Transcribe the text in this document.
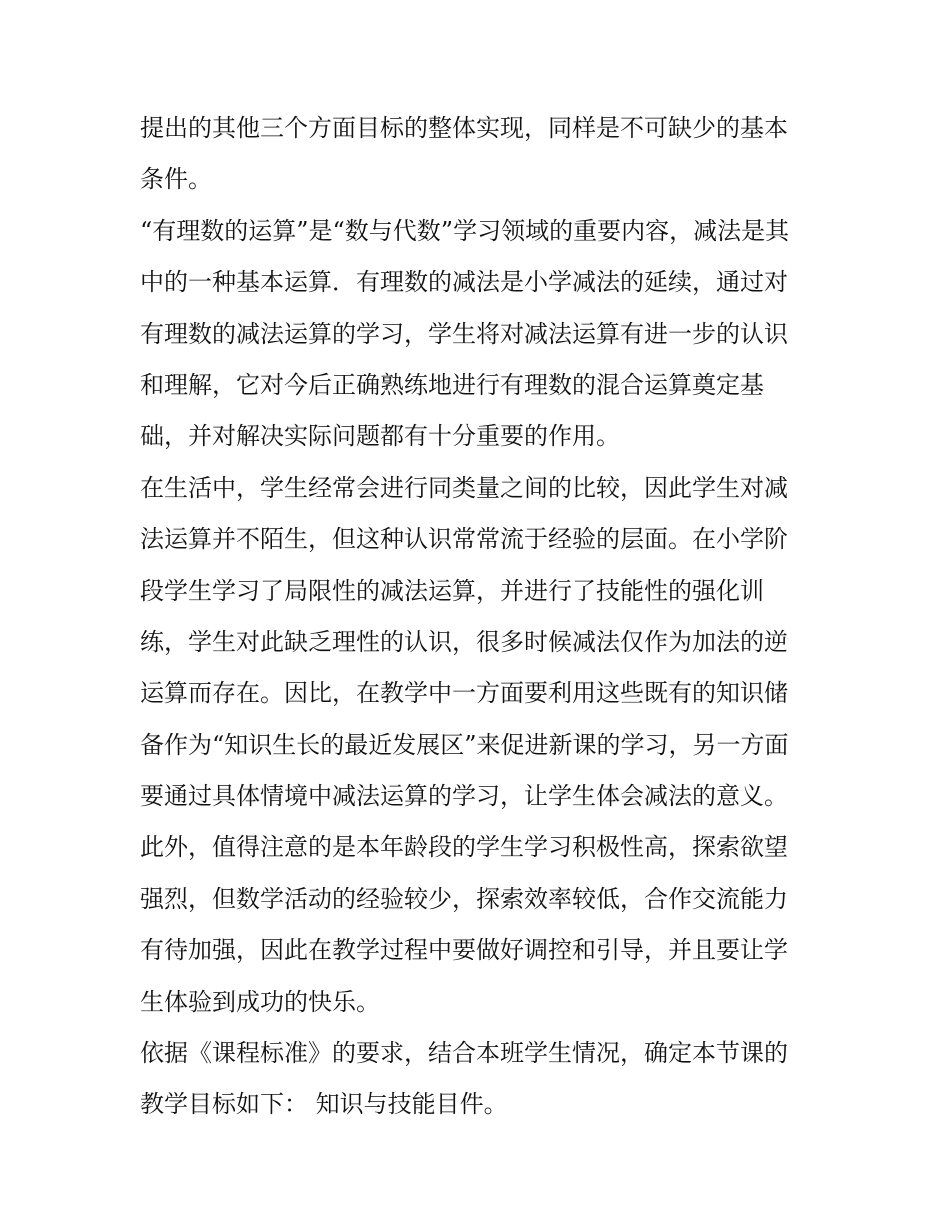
提出的其他三个方面目标的整体实现，同样是不可缺少的基本
条件。
“有理数的运算”是“数与代数”学习领域的重要内容，减法是其
中的一种基本运算．有理数的减法是小学减法的延续，通过对
有理数的减法运算的学习，学生将对减法运算有进一步的认识
和理解，它对今后正确熟练地进行有理数的混合运算奠定基
础，并对解决实际问题都有十分重要的作用。
在生活中，学生经常会进行同类量之间的比较，因此学生对减
法运算并不陌生，但这种认识常常流于经验的层面。在小学阶
段学生学习了局限性的减法运算，并进行了技能性的强化训
练，学生对此缺乏理性的认识，很多时候减法仅作为加法的逆
运算而存在。因比，在教学中一方面要利用这些既有的知识储
备作为“知识生长的最近发展区”来促进新课的学习，另一方面
要通过具体情境中减法运算的学习，让学生体会减法的意义。
此外，值得注意的是本年龄段的学生学习积极性高，探索欲望
强烈，但数学活动的经验较少，探索效率较低，合作交流能力
有待加强，因此在教学过程中要做好调控和引导，并且要让学
生体验到成功的快乐。
依据《课程标准》的要求，结合本班学生情况，确定本节课的
教学目标如下： 知识与技能目件。
